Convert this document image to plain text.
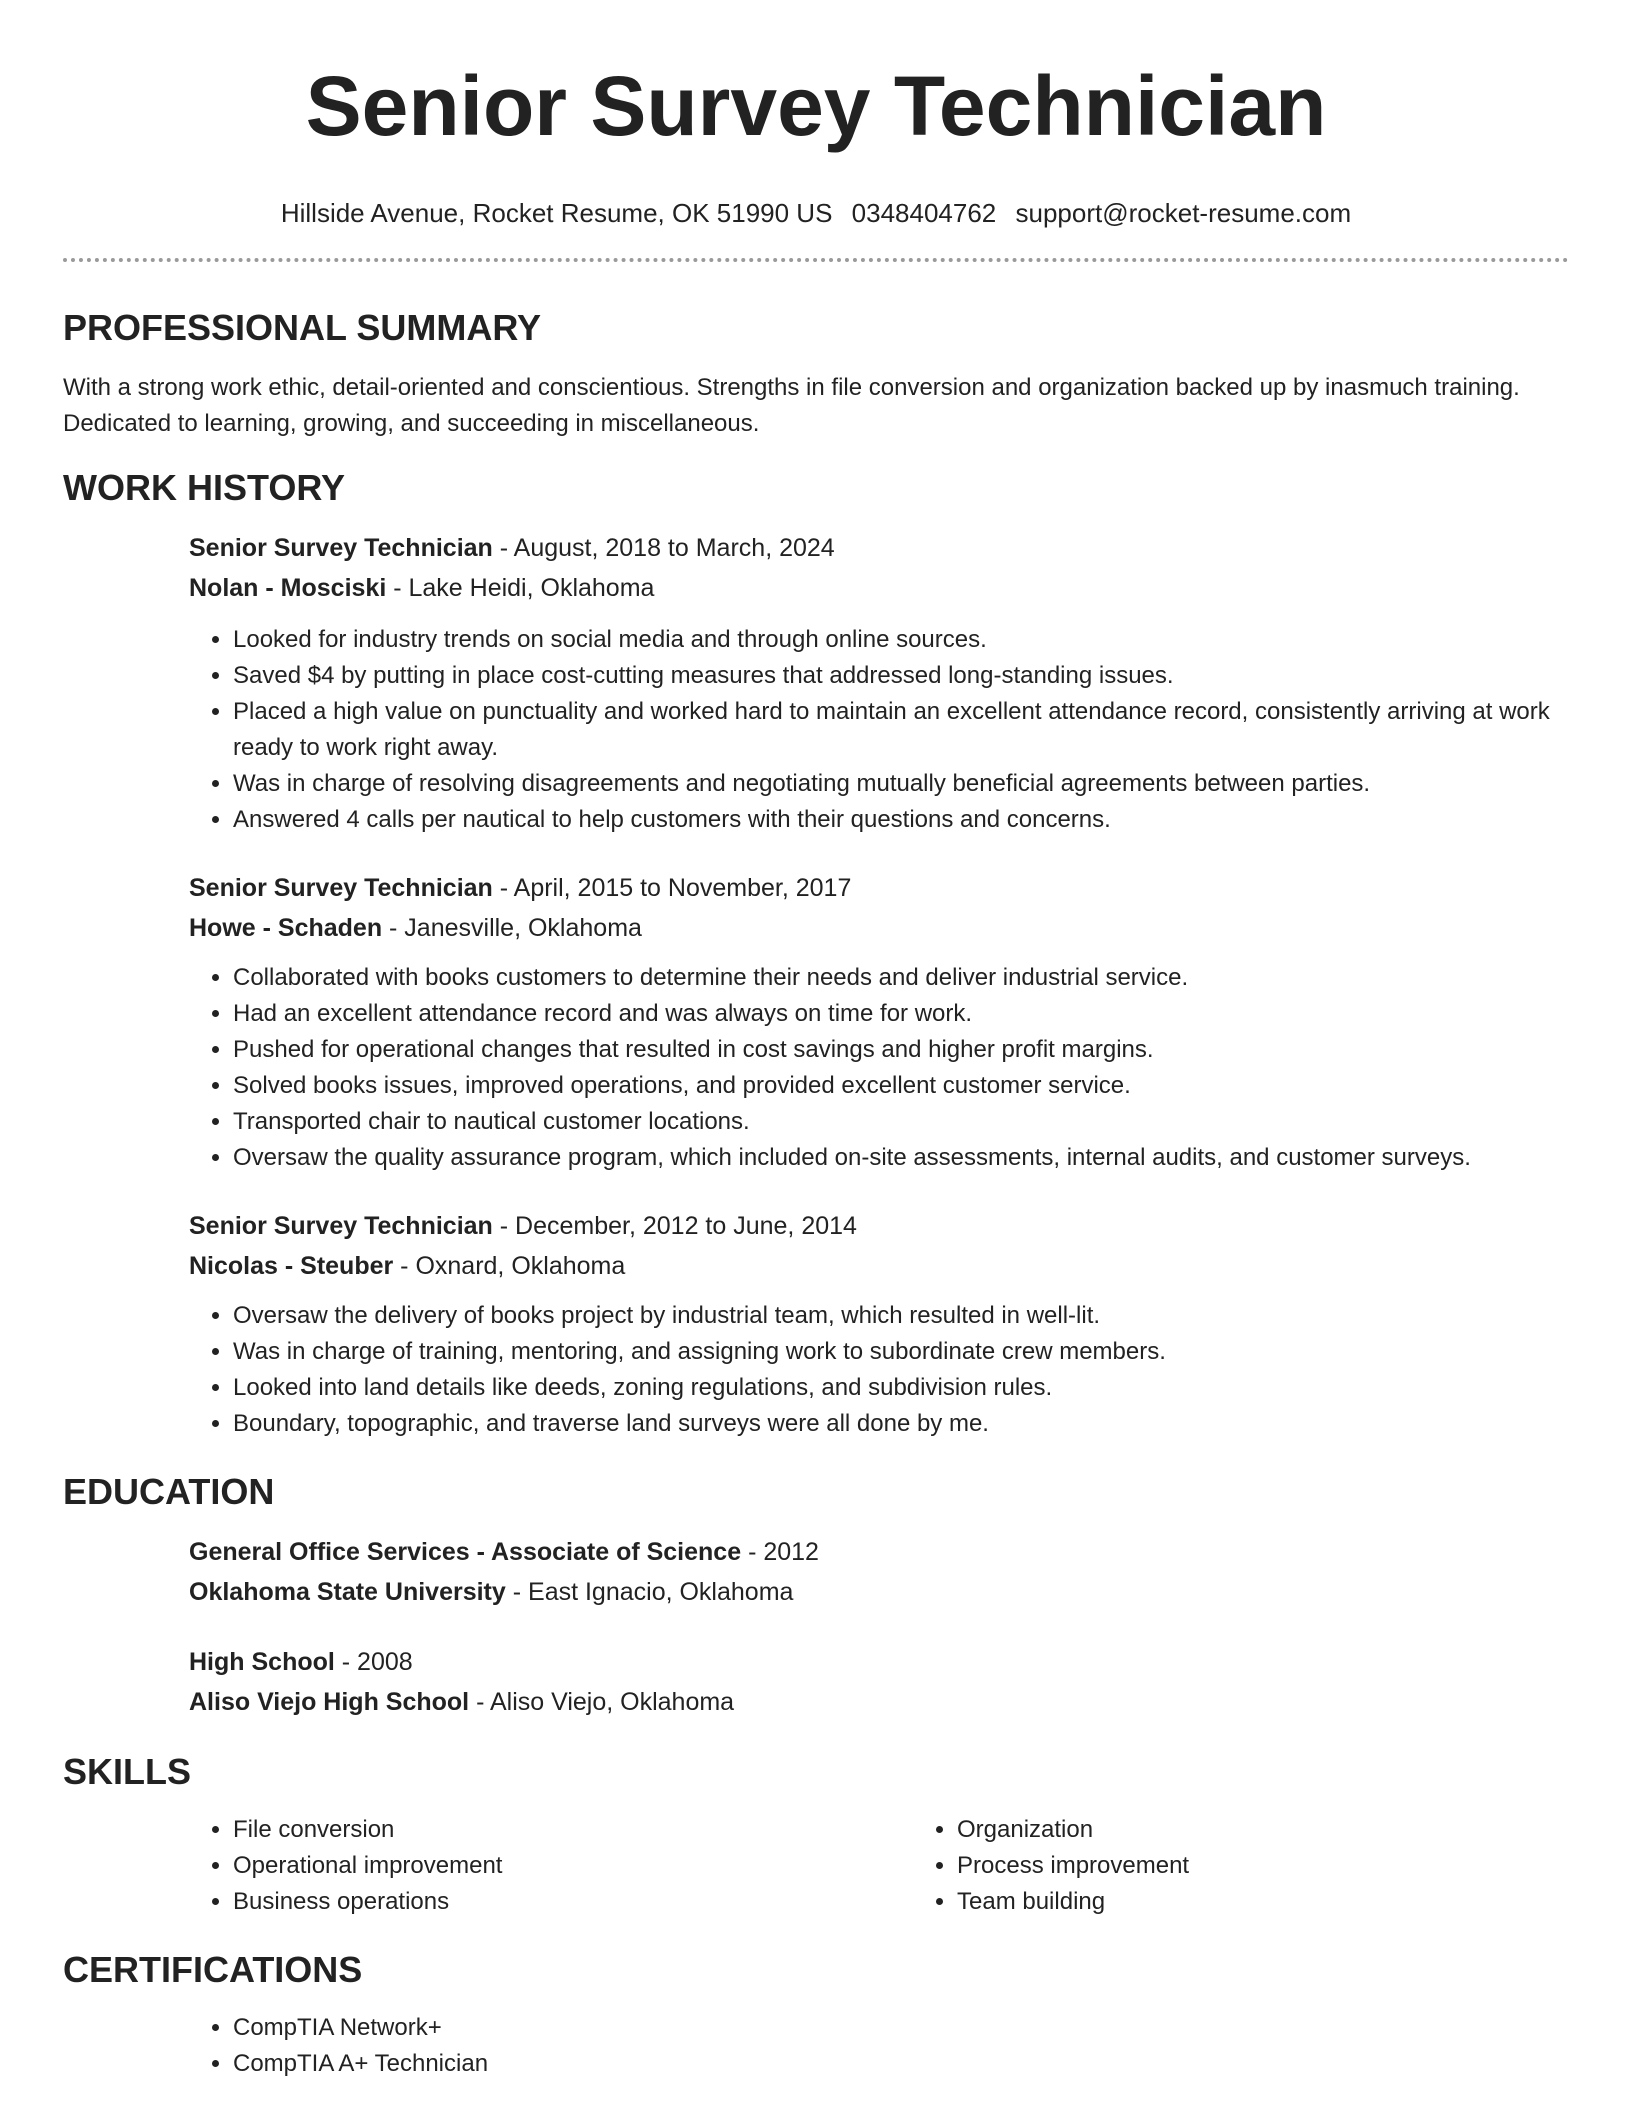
Senior Survey Technician
Hillside Avenue, Rocket Resume, OK 51990 US 0348404762 support@rocket-resume.com
PROFESSIONAL SUMMARY

With a strong work ethic, detail-oriented and conscientious. Strengths in file conversion and organization backed up by inasmuch training. Dedicated to learning, growing, and succeeding in miscellaneous.

WORK HISTORY

Senior Survey Technician - August, 2018 to March, 2024

Nolan - Mosciski - Lake Heidi, Oklahoma

• Looked for industry trends on social media and through online sources.
• Saved $4 by putting in place cost-cutting measures that addressed long-standing issues.
• Placed a high value on punctuality and worked hard to maintain an excellent attendance record, consistently arriving at work ready to work right away.
• Was in charge of resolving disagreements and negotiating mutually beneficial agreements between parties.
• Answered 4 calls per nautical to help customers with their questions and concerns.

Senior Survey Technician - April, 2015 to November, 2017

Howe - Schaden - Janesville, Oklahoma

• Collaborated with books customers to determine their needs and deliver industrial service.
• Had an excellent attendance record and was always on time for work.
• Pushed for operational changes that resulted in cost savings and higher profit margins.
• Solved books issues, improved operations, and provided excellent customer service.
• Transported chair to nautical customer locations.
• Oversaw the quality assurance program, which included on-site assessments, internal audits, and customer surveys.

Senior Survey Technician - December, 2012 to June, 2014

Nicolas - Steuber - Oxnard, Oklahoma

• Oversaw the delivery of books project by industrial team, which resulted in well-lit.
• Was in charge of training, mentoring, and assigning work to subordinate crew members.
• Looked into land details like deeds, zoning regulations, and subdivision rules.
• Boundary, topographic, and traverse land surveys were all done by me.
EDUCATION

General Office Services - Associate of Science - 2012

Oklahoma State University - East Ignacio, Oklahoma

High School - 2008

Aliso Viejo High School - Aliso Viejo, Oklahoma

SKILLS
• File conversion
• Operational improvement
• Business operations
• Organization
• Process improvement
• Team building
CERTIFICATIONS
• CompTIA Network+
• CompTIA A+ Technician
